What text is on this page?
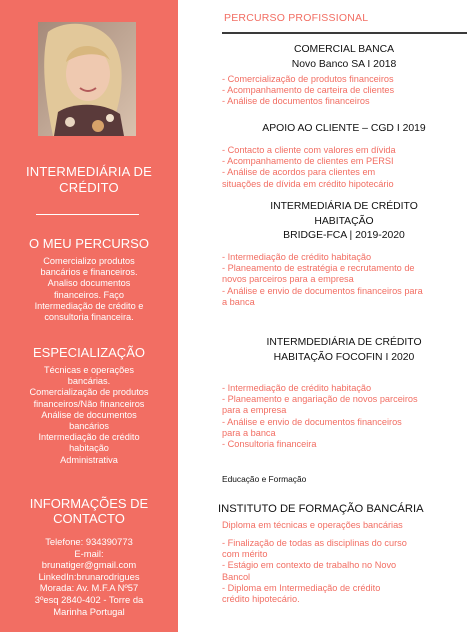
INTERMEDIÁRIA DE
CRÉDITO
O MEU PERCURSO
Comercializo produtos
bancários e financeiros.
Analiso documentos
financeiros. Faço
Intermediação de crédito e
consultoria financeira.
ESPECIALIZAÇÃO
Técnicas e operações
bancárias.
Comercialização de produtos
financeiros/Não financeiros
Análise de documentos
bancários
Intermediação de crédito
habitação
Administrativa
INFORMAÇÕES DE
CONTACTO
Telefone: 934390773
E-mail:
brunatiger@gmail.com
LinkedIn:brunarodrigues
Morada: Av. M.F.A Nº57
3ºesq 2840-402 - Torre da
Marinha Portugal
PERCURSO PROFISSIONAL
COMERCIAL BANCA
Novo Banco SA I 2018
- Comercialização de produtos financeiros
- Acompanhamento de carteira de clientes
- Análise de documentos financeiros
APOIO AO CLIENTE – CGD I 2019
- Contacto a cliente com valores em dívida
- Acompanhamento de clientes em PERSI
- Análise de acordos para clientes em
situações de dívida em crédito hipotecário
INTERMEDIÁRIA DE CRÉDITO
HABITAÇÃO
BRIDGE-FCA | 2019-2020
- Intermediação de crédito habitação
- Planeamento de estratégia e recrutamento de
novos parceiros para a empresa
- Análise e envio de documentos financeiros para
a banca
INTERMDEDIÁRIA DE CRÉDITO
HABITAÇÃO FOCOFIN I 2020
- Intermediação de crédito habitação
- Planeamento e angariação de novos parceiros
para a empresa
- Análise e envio de documentos financeiros
para a banca
- Consultoria financeira
Educação e Formação
INSTITUTO DE FORMAÇÃO BANCÁRIA
Diploma em técnicas e operações bancárias
- Finalização de todas as disciplinas do curso
com mérito
- Estágio em contexto de trabalho no Novo
Bancol
- Diploma em Intermediação de crédito
crédito hipotecário.
